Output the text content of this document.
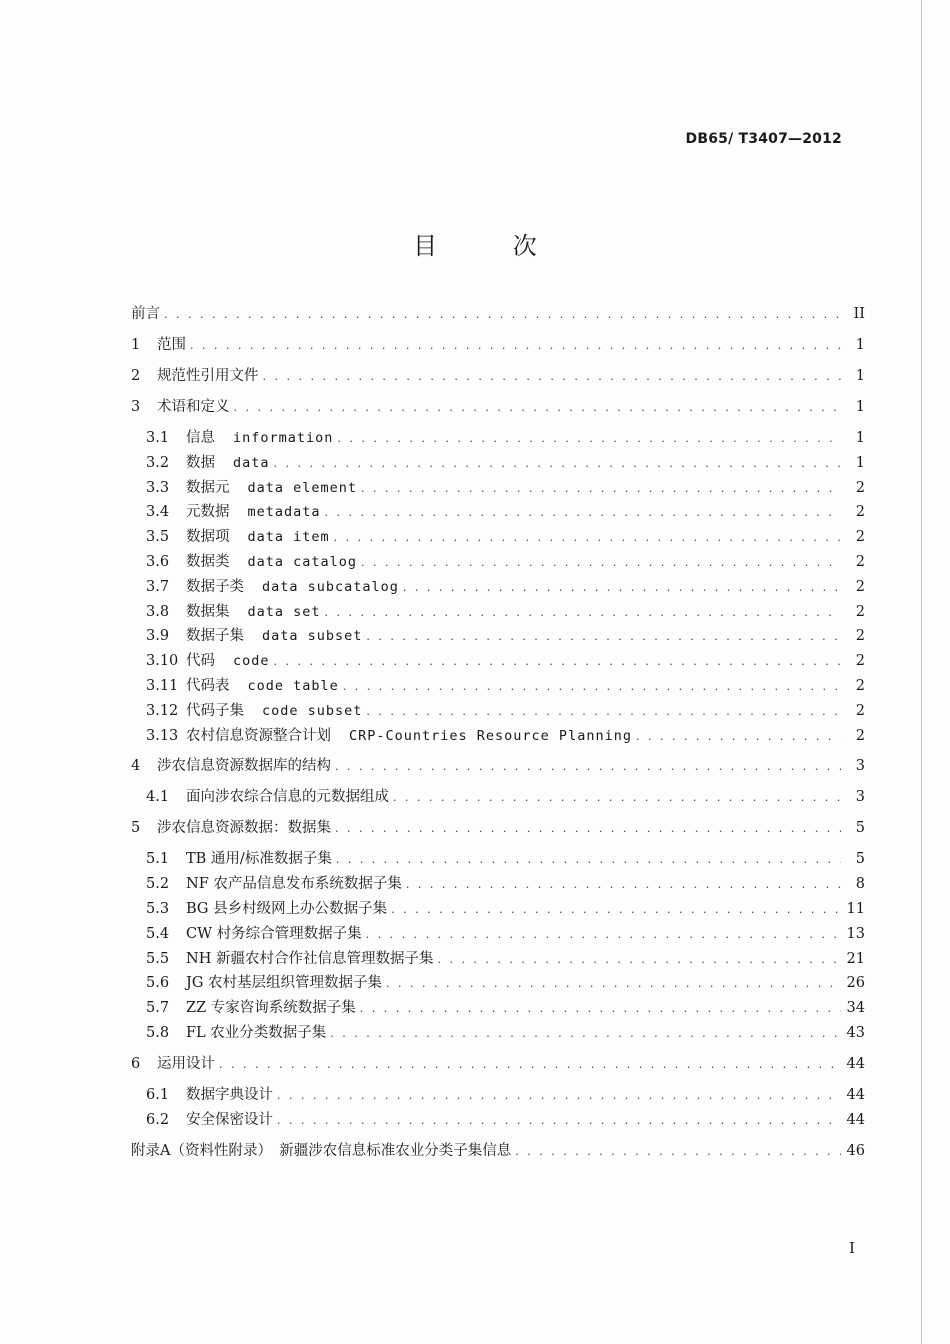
DB65/ T3407—2012
目 次
前言 . . .	II
1	范围 . . .	1
2	规范性引用文件 . . .	1
3	术语和定义 . . .	1
3.1	信息 information . . .	1
3.2	数据 data . . .	1
3.3	数据元 data element . . .	2
3.4	元数据 metadata . . .	2
3.5	数据项 data item . . .	2
3.6	数据类 data catalog . . .	2
3.7	数据子类 data subcatalog . . .	2
3.8	数据集 data set . . .	2
3.9	数据子集 data subset . . .	2
3.10 代码 code . . .	2
3.11 代码表 code table . . .	2
3.12 代码子集 code subset . . .	2
3.13 农村信息资源整合计划 CRP-Countries Resource Planning . . .	2
4	涉农信息资源数据库的结构 . . .	3
4.1	面向涉农综合信息的元数据组成 . . .	3
5	涉农信息资源数据：数据集 . . .	5
5.1	TB 通用/标准数据子集 . . .	5
5.2	NF 农产品信息发布系统数据子集 . . .	8
5.3	BG 县乡村级网上办公数据子集 . . .	11
5.4	CW 村务综合管理数据子集 . . .	13
5.5	NH 新疆农村合作社信息管理数据子集 . . .	21
5.6	JG 农村基层组织管理数据子集 . . .	26
5.7	ZZ 专家咨询系统数据子集 . . .	34
5.8	FL 农业分类数据子集 . . .	43
6	运用设计 . . .	44
6.1	数据字典设计 . . .	44
6.2	安全保密设计 . . .	44
附录A（资料性附录）　新疆涉农信息标准农业分类子集信息 . . .	46
I
